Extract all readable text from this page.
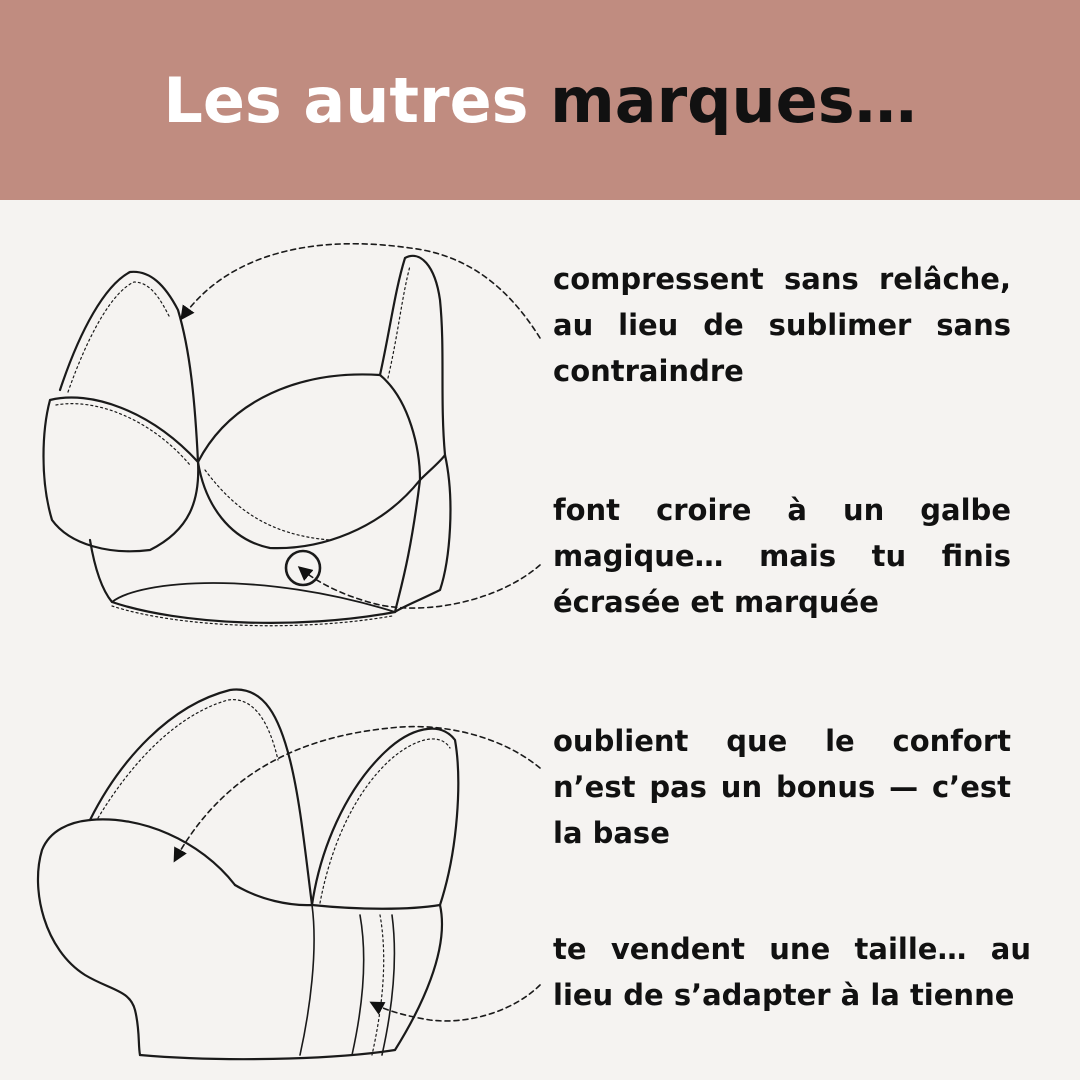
Les autres marques…

compressent sans relâche, au lieu de sublimer sans contraindre

font croire à un galbe magique… mais tu finis écrasée et marquée

oublient que le confort n’est pas un bonus — c’est la base

te vendent une taille… au lieu de s’adapter à la tienne
